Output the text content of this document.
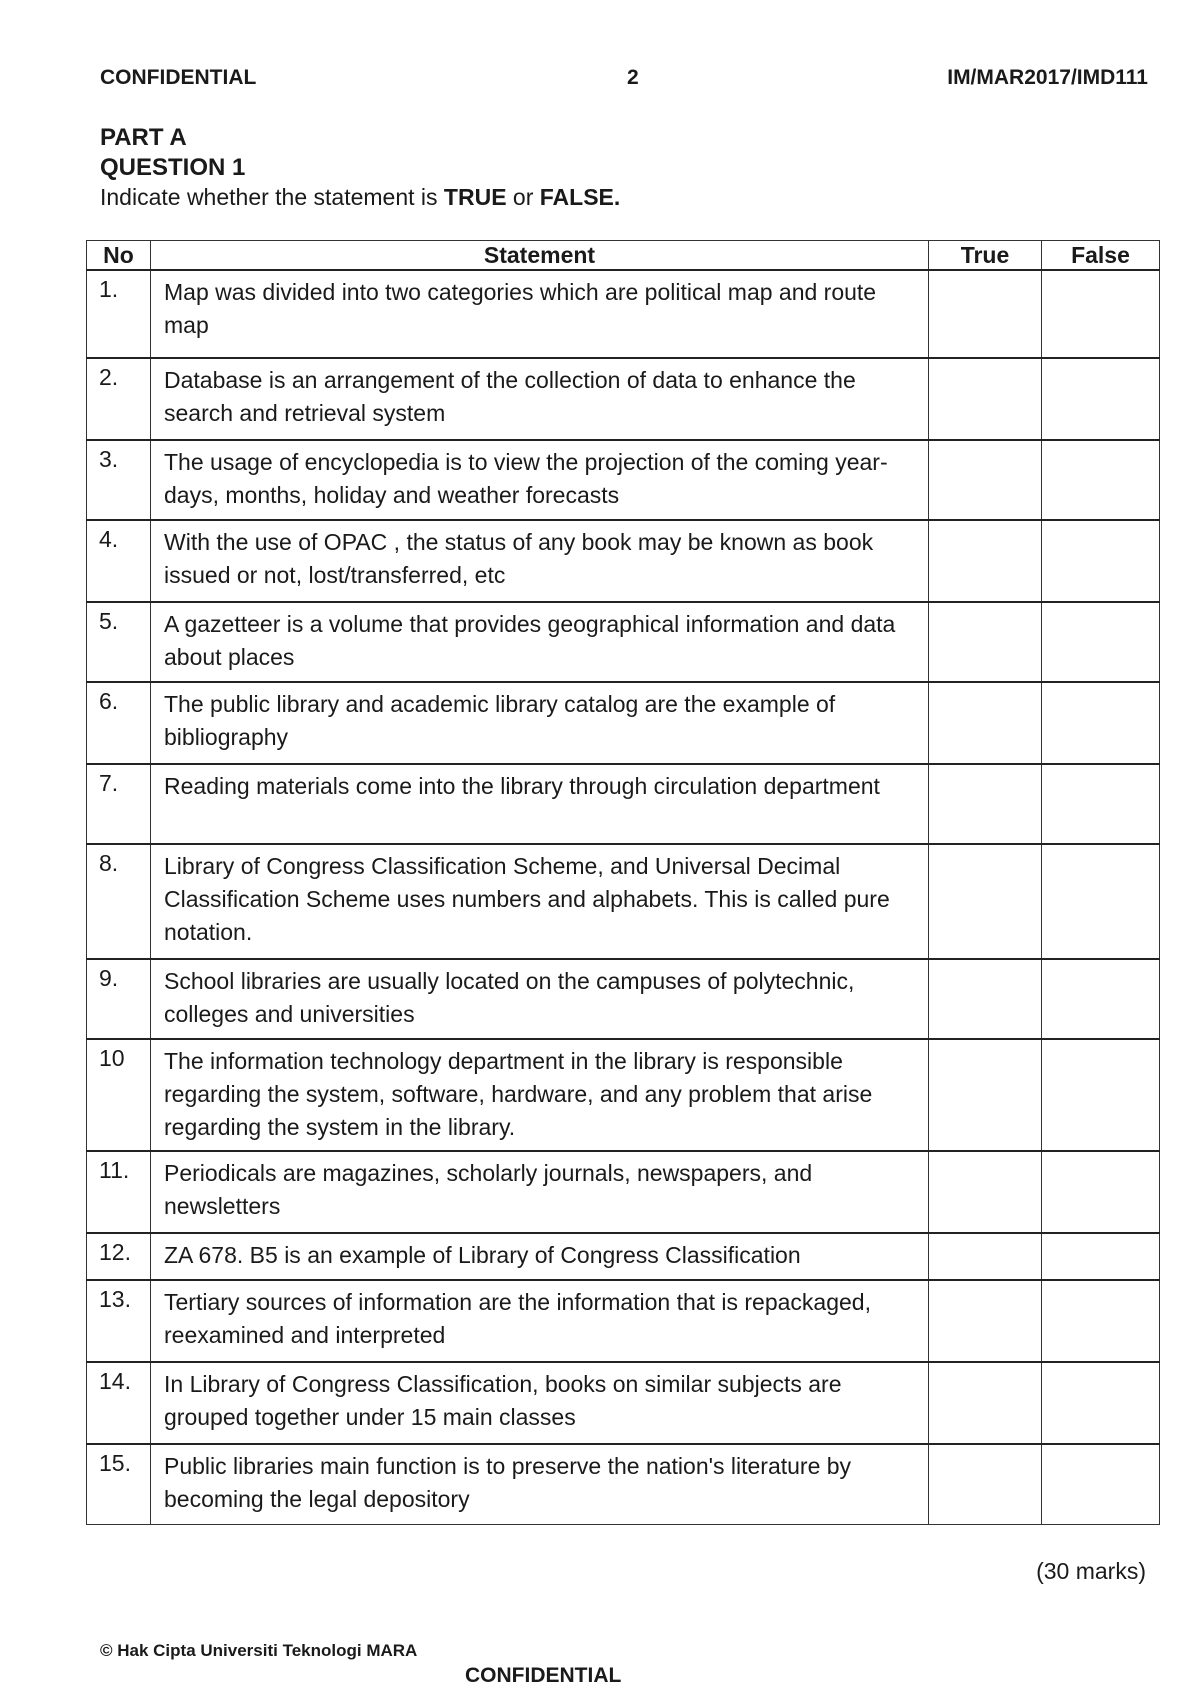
CONFIDENTIAL	2	IM/MAR2017/IMD111
PART A
QUESTION 1
Indicate whether the statement is TRUE or FALSE.
No	Statement	True	False
1.	Map was divided into two categories which are political map and route map		
2.	Database is an arrangement of the collection of data to enhance the search and retrieval system		
3.	The usage of encyclopedia is to view the projection of the coming year-days, months, holiday and weather forecasts		
4.	With the use of OPAC , the status of any book may be known as book issued or not, lost/transferred, etc		
5.	A gazetteer is a volume that provides geographical information and data about places		
6.	The public library and academic library catalog are the example of bibliography		
7.	Reading materials come into the library through circulation department		
8.	Library of Congress Classification Scheme, and Universal Decimal Classification Scheme uses numbers and alphabets. This is called pure notation.		
9.	School libraries are usually located on the campuses of polytechnic, colleges and universities		
10	The information technology department in the library is responsible regarding the system, software, hardware, and any problem that arise regarding the system in the library.		
11.	Periodicals are magazines, scholarly journals, newspapers, and newsletters		
12.	ZA 678. B5 is an example of Library of Congress Classification		
13.	Tertiary sources of information are the information that is repackaged, reexamined and interpreted		
14.	In Library of Congress Classification, books on similar subjects are grouped together under 15 main classes		
15.	Public libraries main function is to preserve the nation's literature by becoming the legal depository		
(30 marks)
© Hak Cipta Universiti Teknologi MARA
CONFIDENTIAL
